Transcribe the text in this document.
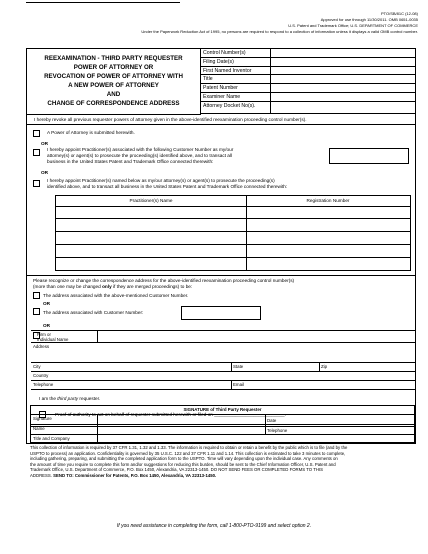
PTO/SB/81C (12-08)
Approved for use through 11/30/2011. OMB 0651-0035
U.S. Patent and Trademark Office; U.S. DEPARTMENT OF COMMERCE
Under the Paperwork Reduction Act of 1995, no persons are required to respond to a collection of information unless it displays a valid OMB control number.
REEXAMINATION - THIRD PARTY REQUESTER
POWER OF ATTORNEY OR
REVOCATION OF POWER OF ATTORNEY WITH
A NEW POWER OF ATTORNEY
AND
CHANGE OF CORRESPONDENCE ADDRESS
Control Number(s)
Filing Date(s)
First Named Inventor
Title
Patent Number
Examiner Name
Attorney Docket No(s).
I hereby revoke all previous requester powers of attorney given in the above-identified reexamination proceeding control number(s).
A Power of Attorney is submitted herewith.
OR
I hereby appoint Practitioner(s) associated with the following Customer Number as my/our
attorney(s) or agent(s) to prosecute the proceeding(s) identified above, and to transact all
business in the United States Patent and Trademark Office connected therewith:
OR
I hereby appoint Practitioner(s) named below as my/our attorney(s) or agent(s) to prosecute the proceeding(s)
identified above, and to transact all business in the United States Patent and Trademark Office connected therewith:
Practitioner(s) Name	Registration Number
Please recognize or change the correspondence address for the above-identified reexamination proceeding control number(s)
(more than one may be changed only if they are merged proceedings) to be:
The address associated with the above-mentioned Customer Number.
OR
The address associated with Customer Number:
OR
Firm or
Individual Name
Address
City	State	Zip
Country
Telephone	Email
I am the third party requester.
Proof of authority to act on behalf of requester submitted herewith or filed on ___________________________.
SIGNATURE of Third Party Requester
Signature	Date
Name	Telephone
Title and Company
This collection of information is required by 37 CFR 1.31, 1.32 and 1.33. The information is required to obtain or retain a benefit by the public which is to file (and by the
USPTO to process) an application. Confidentiality is governed by 35 U.S.C. 122 and 37 CFR 1.11 and 1.14. This collection is estimated to take 3 minutes to complete,
including gathering, preparing, and submitting the completed application form to the USPTO. Time will vary depending upon the individual case. Any comments on
the amount of time you require to complete this form and/or suggestions for reducing this burden, should be sent to the Chief Information Officer, U.S. Patent and
Trademark Office, U.S. Department of Commerce, P.O. Box 1450, Alexandria, VA 22313-1450. DO NOT SEND FEES OR COMPLETED FORMS TO THIS
ADDRESS. SEND TO: Commissioner for Patents, P.O. Box 1450, Alexandria, VA 22313-1450.
If you need assistance in completing the form, call 1-800-PTO-9199 and select option 2.
